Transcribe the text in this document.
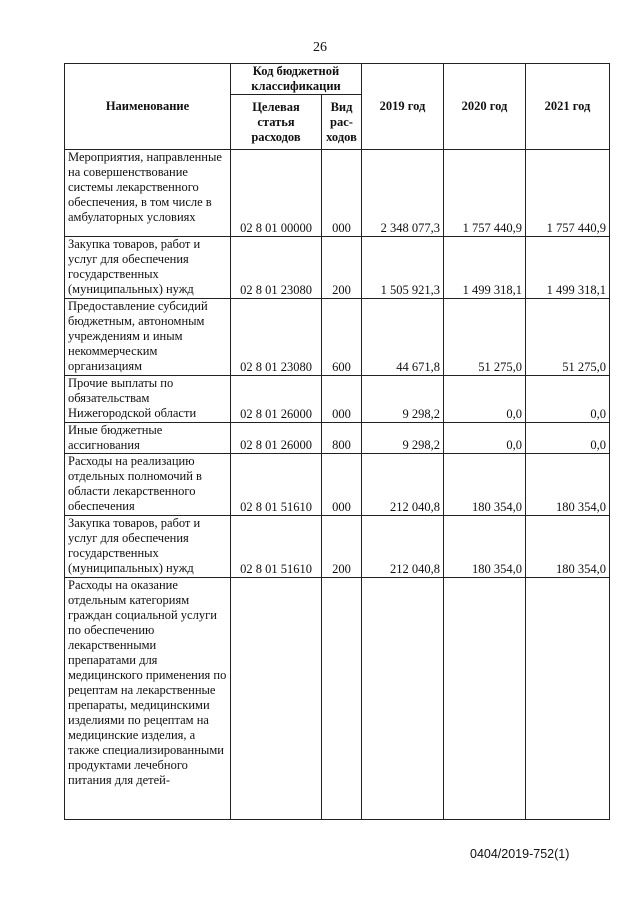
26
Наименование	Код бюджетной классификации		2019 год	2020 год	2021 год
	Целевая статья расходов	Вид рас-ходов			
Мероприятия, направленные на совершенствование системы лекарственного обеспечения, в том числе в амбулаторных условиях	02 8 01 00000	000	2 348 077,3	1 757 440,9	1 757 440,9
Закупка товаров, работ и услуг для обеспечения государственных (муниципальных) нужд	02 8 01 23080	200	1 505 921,3	1 499 318,1	1 499 318,1
Предоставление субсидий бюджетным, автономным учреждениям и иным некоммерческим организациям	02 8 01 23080	600	44 671,8	51 275,0	51 275,0
Прочие выплаты по обязательствам Нижегородской области	02 8 01 26000	000	9 298,2	0,0	0,0
Иные бюджетные ассигнования	02 8 01 26000	800	9 298,2	0,0	0,0
Расходы на реализацию отдельных полномочий в области лекарственного обеспечения	02 8 01 51610	000	212 040,8	180 354,0	180 354,0
Закупка товаров, работ и услуг для обеспечения государственных (муниципальных) нужд	02 8 01 51610	200	212 040,8	180 354,0	180 354,0
Расходы на оказание отдельным категориям граждан социальной услуги по обеспечению лекарственными препаратами для медицинского применения по рецептам на лекарственные препараты, медицинскими изделиями по рецептам на медицинские изделия, а также специализированными продуктами лечебного питания для детей-					
0404/2019-752(1)
